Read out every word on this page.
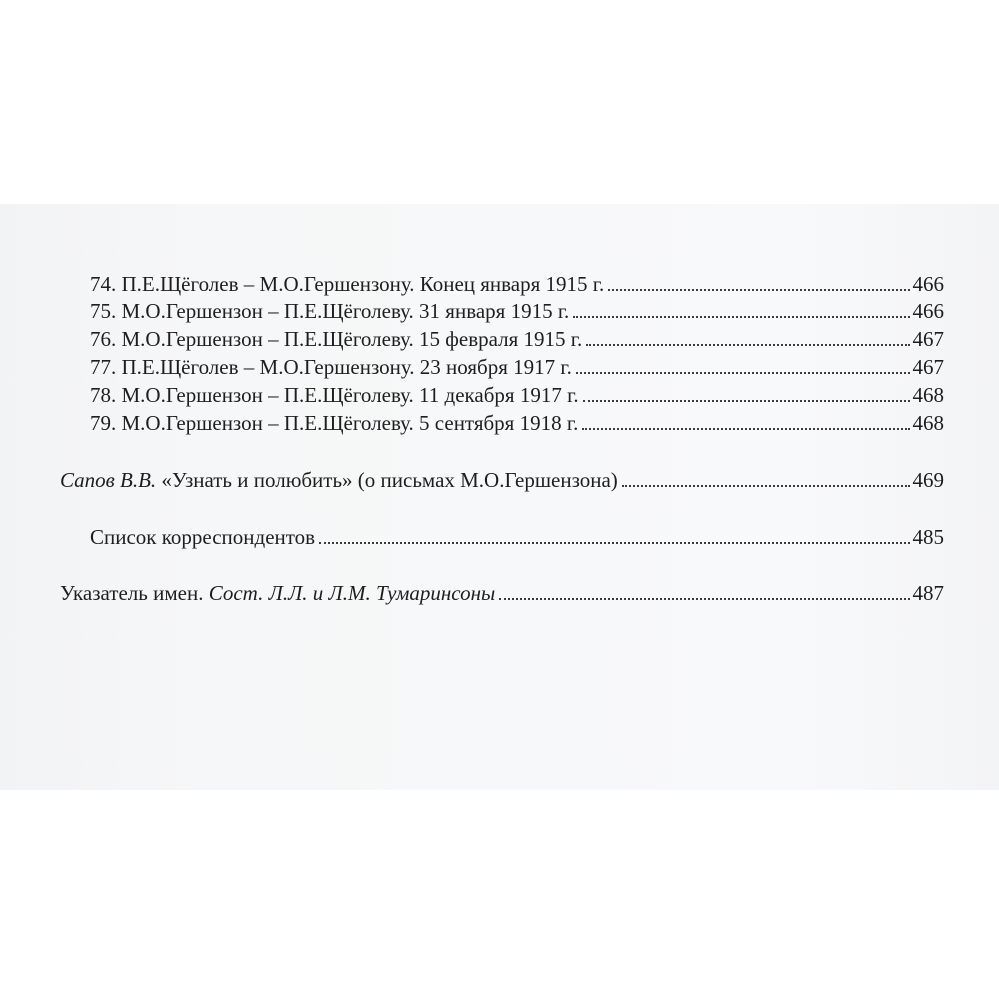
74. П.Е.Щёголев – М.О.Гершензону. Конец января 1915 г.	466
75. М.О.Гершензон – П.Е.Щёголеву. 31 января 1915 г.	466
76. М.О.Гершензон – П.Е.Щёголеву. 15 февраля 1915 г.	467
77. П.Е.Щёголев – М.О.Гершензону. 23 ноября 1917 г.	467
78. М.О.Гершензон – П.Е.Щёголеву. 11 декабря 1917 г.	468
79. М.О.Гершензон – П.Е.Щёголеву. 5 сентября 1918 г.	468
Сапов В.В. «Узнать и полюбить» (о письмах М.О.Гершензона)	469
Список корреспондентов	485
Указатель имен. Сост. Л.Л. и Л.М. Тумаринсоны	487
